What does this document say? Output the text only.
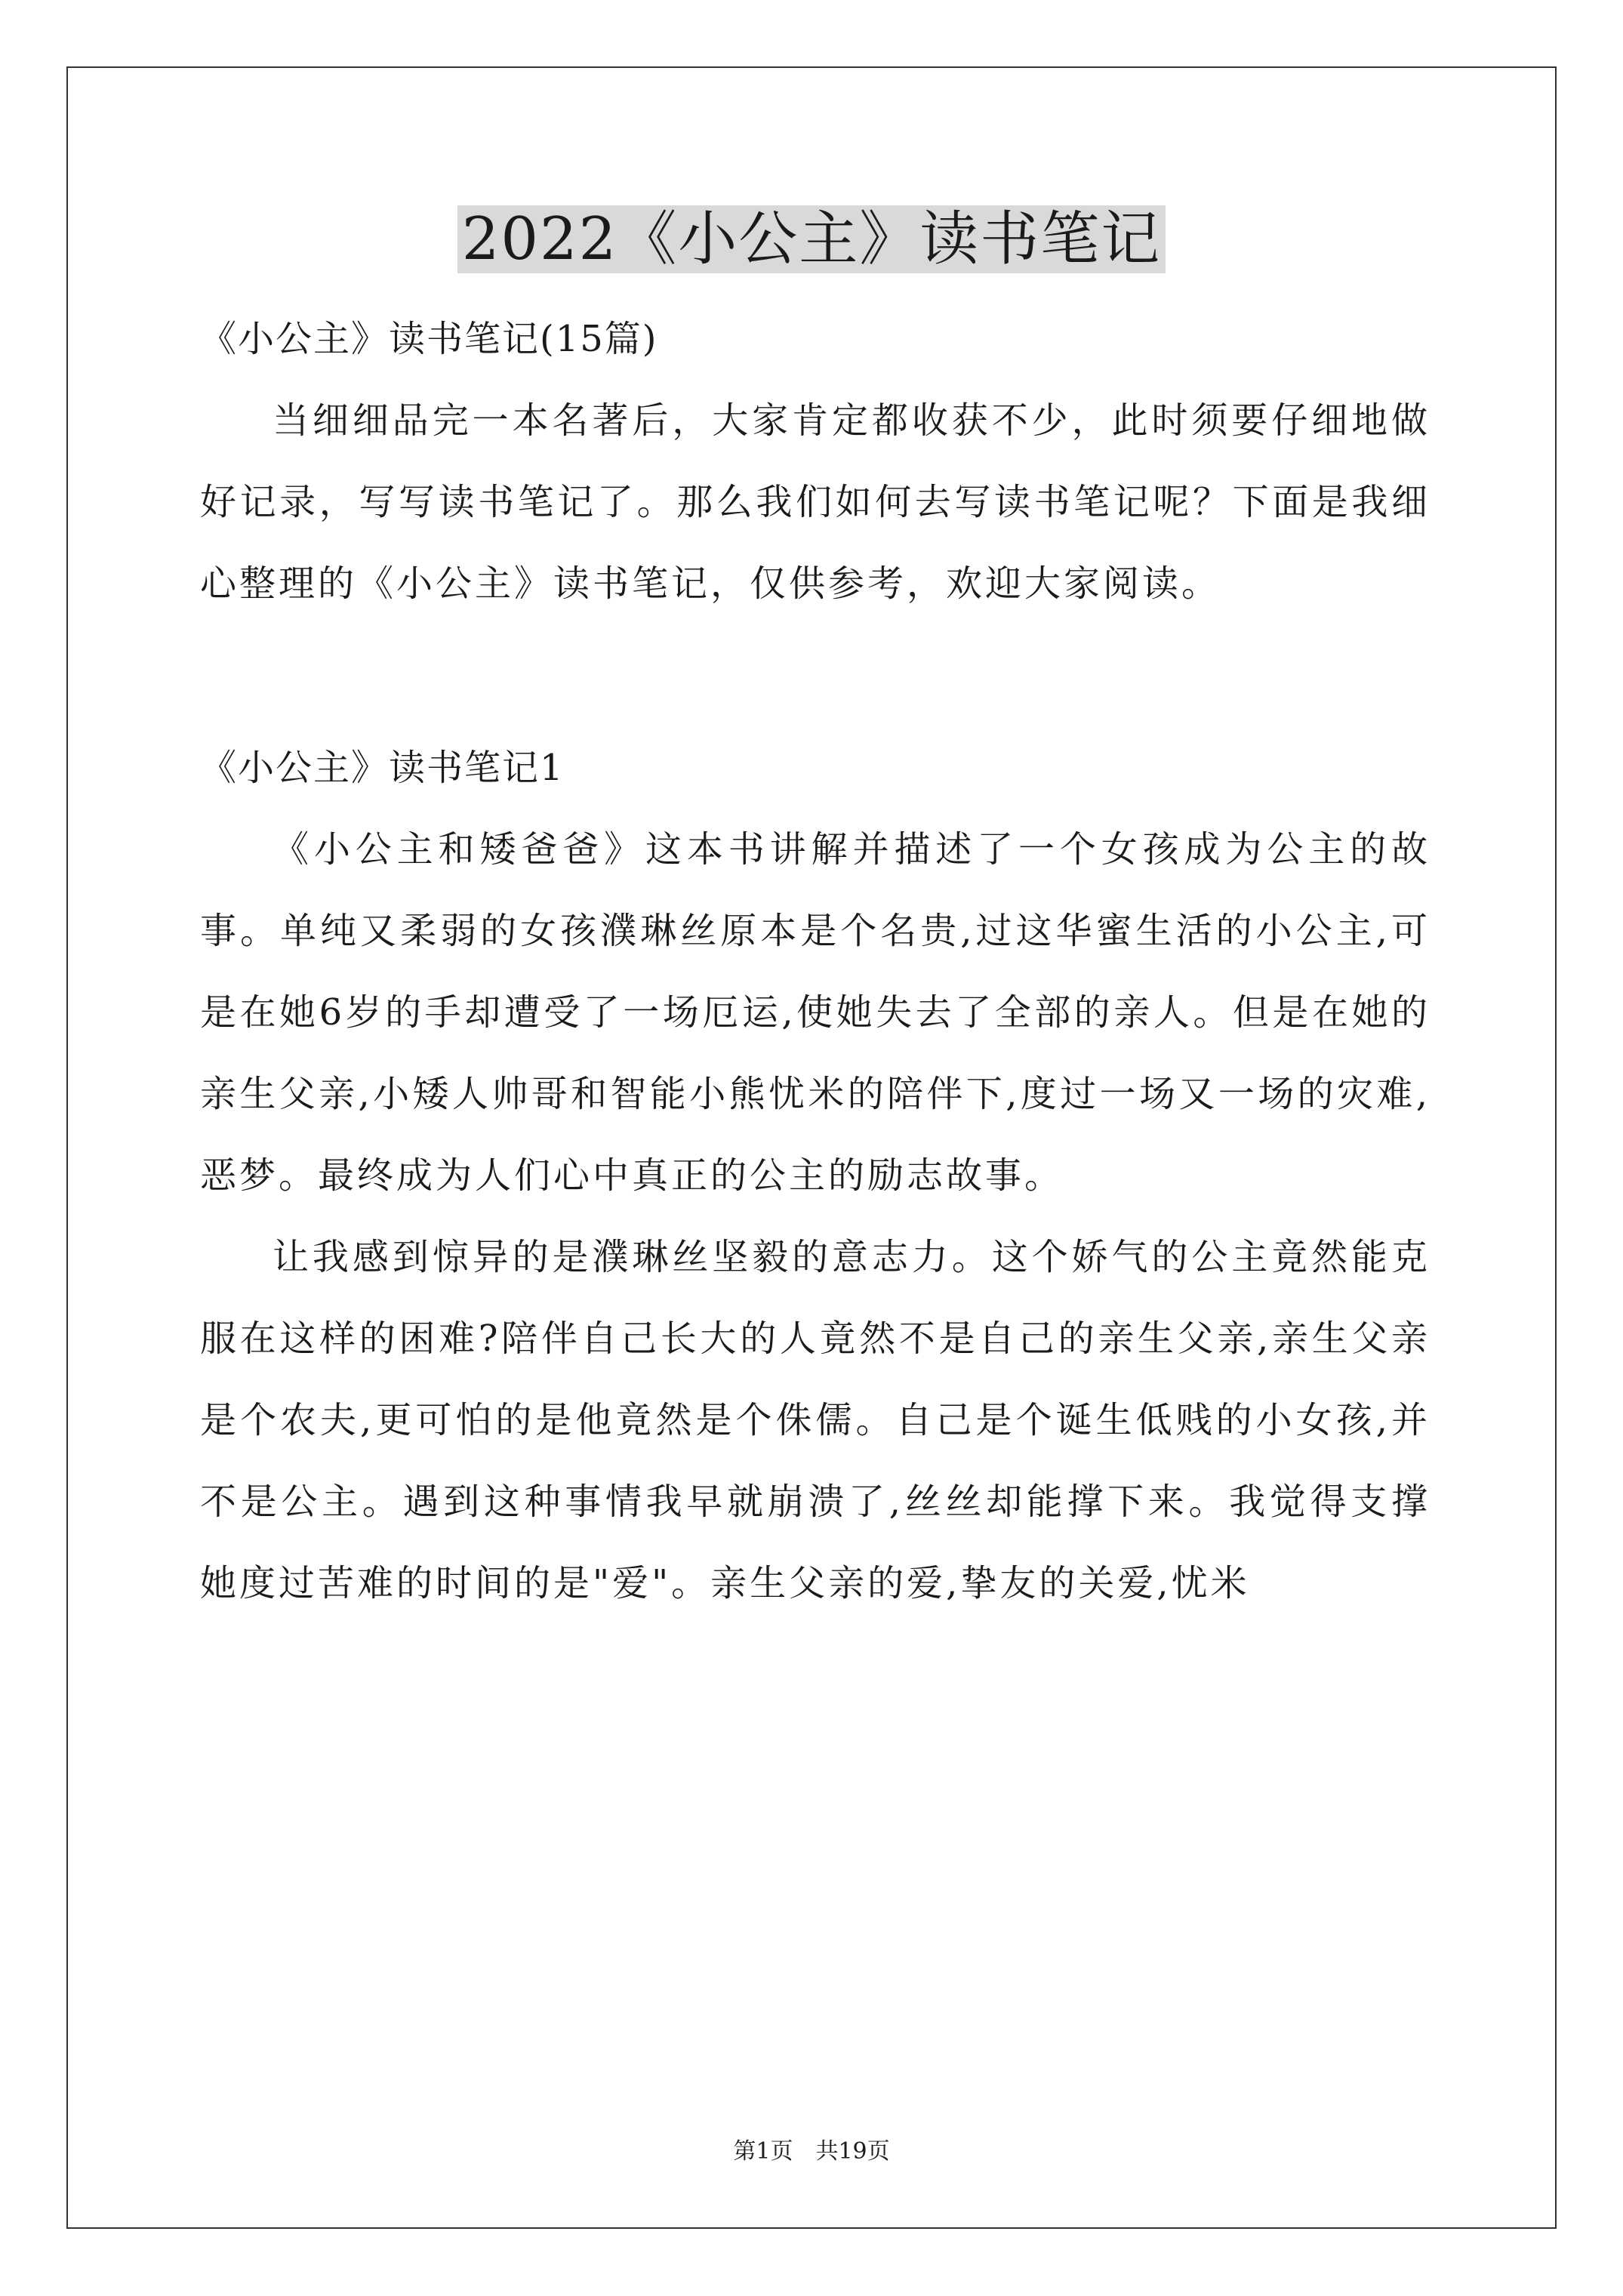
2022《小公主》读书笔记

《小公主》读书笔记(15篇)

当细细品完一本名著后，大家肯定都收获不少，此时须要仔细地做好记录，写写读书笔记了。那么我们如何去写读书笔记呢？下面是我细心整理的《小公主》读书笔记，仅供参考，欢迎大家阅读。

《小公主》读书笔记1

《小公主和矮爸爸》这本书讲解并描述了一个女孩成为公主的故事。单纯又柔弱的女孩濮琳丝原本是个名贵,过这华蜜生活的小公主,可是在她6岁的手却遭受了一场厄运,使她失去了全部的亲人。但是在她的亲生父亲,小矮人帅哥和智能小熊忧米的陪伴下,度过一场又一场的灾难,恶梦。最终成为人们心中真正的公主的励志故事。

让我感到惊异的是濮琳丝坚毅的意志力。这个娇气的公主竟然能克服在这样的困难?陪伴自己长大的人竟然不是自己的亲生父亲,亲生父亲是个农夫,更可怕的是他竟然是个侏儒。自己是个诞生低贱的小女孩,并不是公主。遇到这种事情我早就崩溃了,丝丝却能撑下来。我觉得支撑她度过苦难的时间的是"爱"。亲生父亲的爱,挚友的关爱,忧米

第1页　共19页
